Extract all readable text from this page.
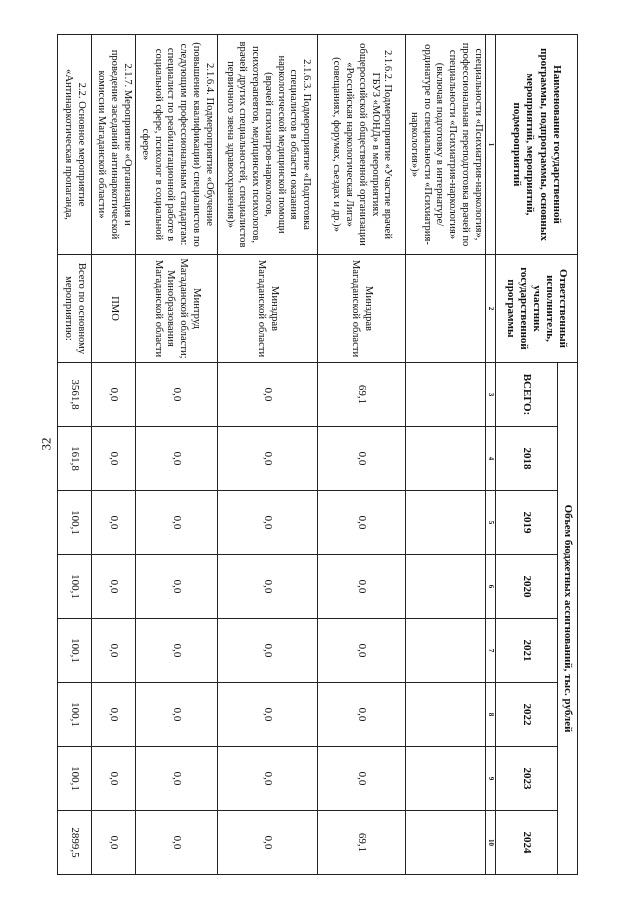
32
Наименование государственной программы, подпрограммы, основных мероприятий, мероприятий, подмероприятий	Ответственный исполнитель, участник государственной программы	Объем бюджетных ассигнований, тыс. рублей							
		ВСЕГО:	2018	2019	2020	2021	2022	2023	2024
1	2	3	4	5	6	7	8	9	10
специальности «Психиатрия-наркология», профессиональная переподготовка врачей по специальности «Психиатрия-наркология» (включая подготовку в интернатуре/ ординатуре по специальности «Психиатрия-наркология»)»									
2.1.6.2. Подмероприятие «Участие врачей ГБУЗ «МОНД» в мероприятиях общероссийской общественной организации «Российская наркологическая Лига» (совещаниях, форумах, съездах и др.)»	Минздрав Магаданской области	69,1	0,0	0,0	0,0	0,0	0,0	0,0	69,1
2.1.6.3. Подмероприятие «Подготовка специалистов в области оказания наркологической медицинской помощи (врачей психиатров-наркологов, психотерапевтов, медицинских психологов, врачей других специальностей, специалистов первичного звена здравоохранения)»	Минздрав Магаданской области	0,0	0,0	0,0	0,0	0,0	0,0	0,0	0,0
2.1.6.4. Подмероприятие «Обучение (повышение квалификации) специалистов по следующим профессиональным стандартам: специалист по реабилитационной работе в социальной сфере, психолог в социальной сфере»	Минтруд Магаданской области; Минобразования Магаданской области	0,0	0,0	0,0	0,0	0,0	0,0	0,0	0,0
2.1.7. Мероприятие «Организация и проведение заседаний антинаркотической комиссии Магаданской области»	ПМО	0,0	0,0	0,0	0,0	0,0	0,0	0,0	0,0
2.2. Основное мероприятие «Антинаркотическая пропаганда,	Всего по основному мероприятию:	3561,8	161,8	100,1	100,1	100,1	100,1	100,1	2899,5
